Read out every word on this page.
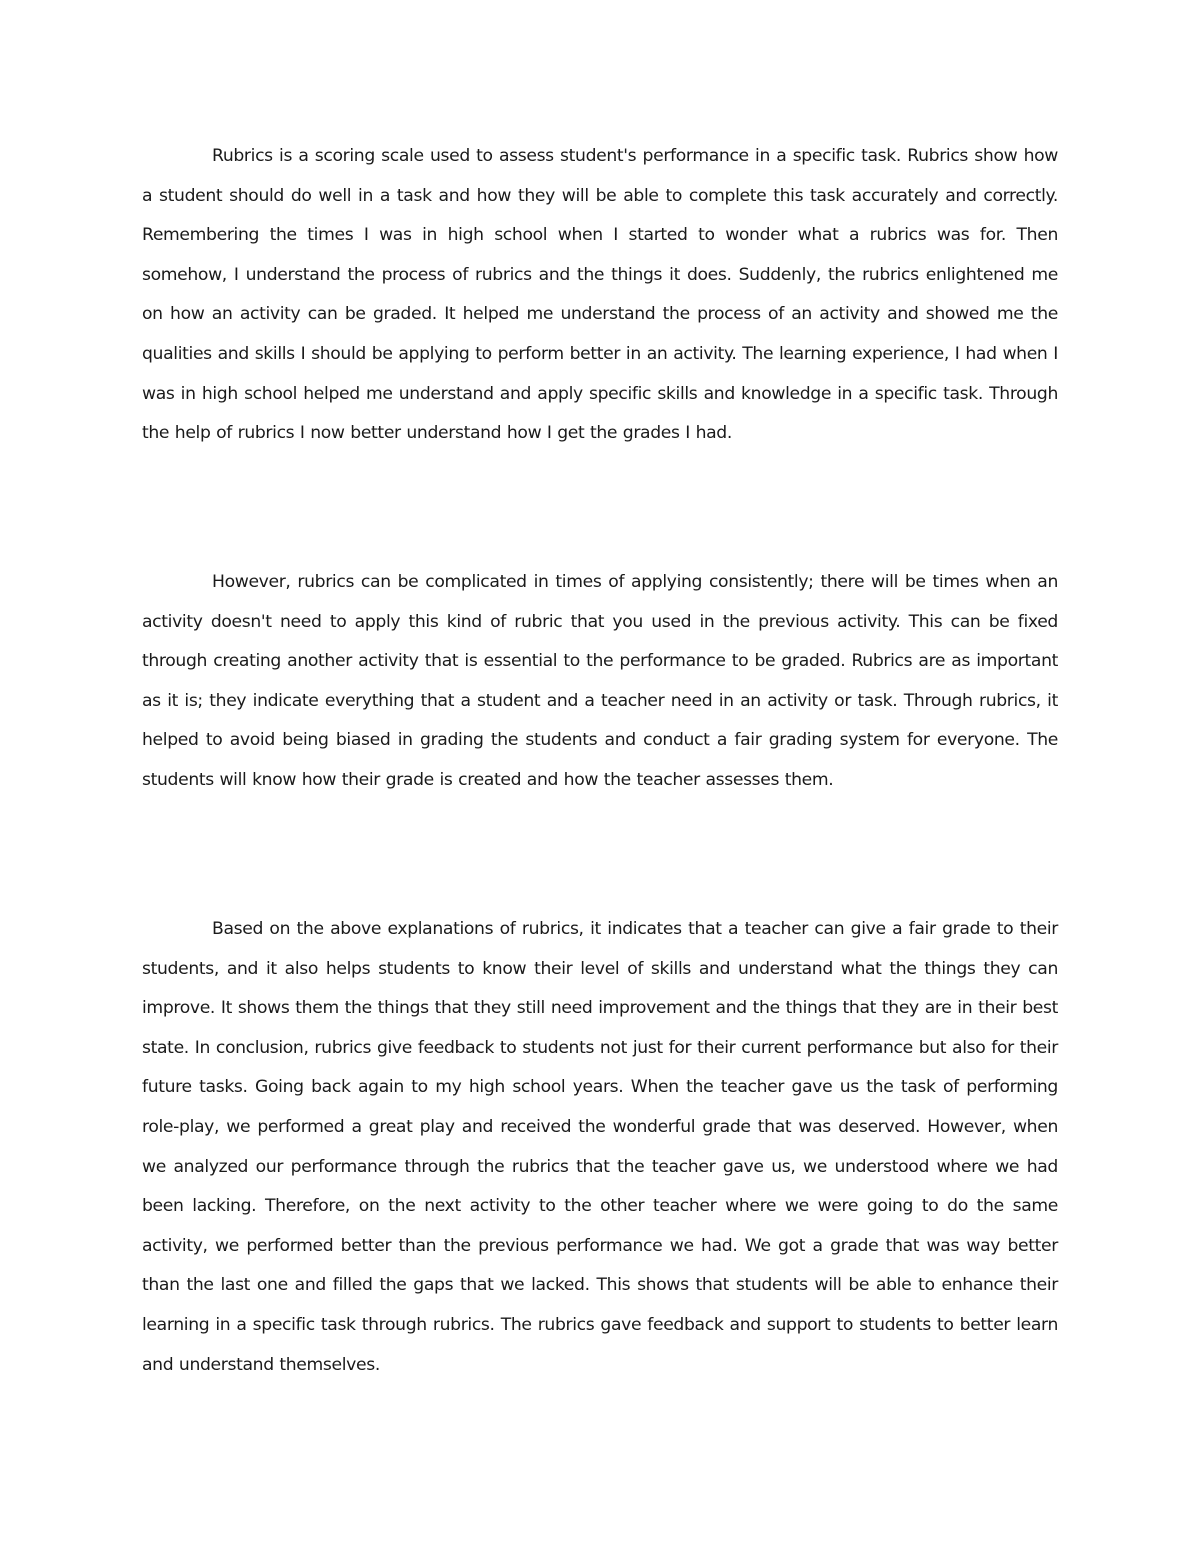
Rubrics is a scoring scale used to assess student's performance in a specific task. Rubrics show how a student should do well in a task and how they will be able to complete this task accurately and correctly. Remembering the times I was in high school when I started to wonder what a rubrics was for. Then somehow, I understand the process of rubrics and the things it does. Suddenly, the rubrics enlightened me on how an activity can be graded. It helped me understand the process of an activity and showed me the qualities and skills I should be applying to perform better in an activity. The learning experience, I had when I was in high school helped me understand and apply specific skills and knowledge in a specific task. Through the help of rubrics I now better understand how I get the grades I had.

However, rubrics can be complicated in times of applying consistently; there will be times when an activity doesn't need to apply this kind of rubric that you used in the previous activity. This can be fixed through creating another activity that is essential to the performance to be graded. Rubrics are as important as it is; they indicate everything that a student and a teacher need in an activity or task. Through rubrics, it helped to avoid being biased in grading the students and conduct a fair grading system for everyone. The students will know how their grade is created and how the teacher assesses them.

Based on the above explanations of rubrics, it indicates that a teacher can give a fair grade to their students, and it also helps students to know their level of skills and understand what the things they can improve. It shows them the things that they still need improvement and the things that they are in their best state. In conclusion, rubrics give feedback to students not just for their current performance but also for their future tasks. Going back again to my high school years. When the teacher gave us the task of performing role-play, we performed a great play and received the wonderful grade that was deserved. However, when we analyzed our performance through the rubrics that the teacher gave us, we understood where we had been lacking. Therefore, on the next activity to the other teacher where we were going to do the same activity, we performed better than the previous performance we had. We got a grade that was way better than the last one and filled the gaps that we lacked. This shows that students will be able to enhance their learning in a specific task through rubrics. The rubrics gave feedback and support to students to better learn and understand themselves.
